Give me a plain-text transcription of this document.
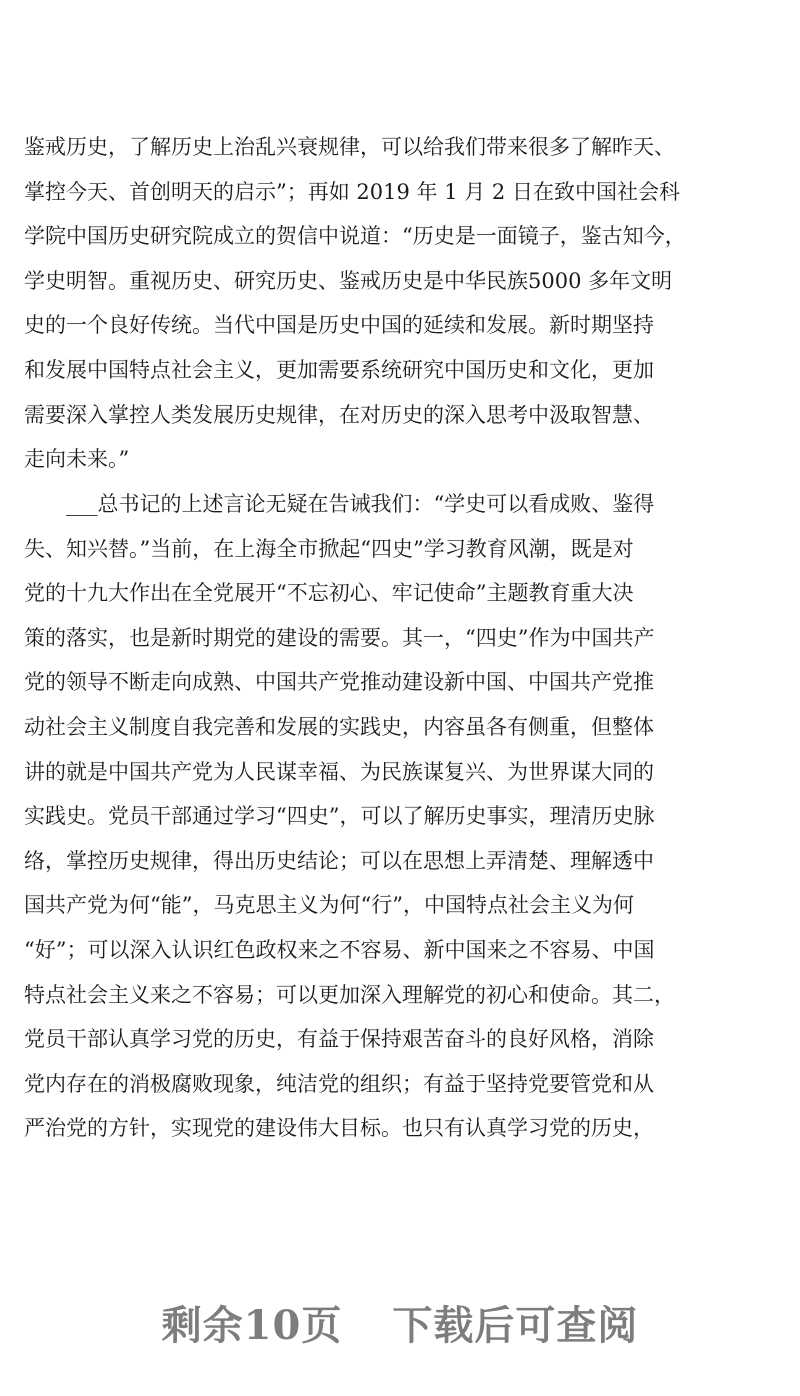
鉴戒历史，了解历史上治乱兴衰规律，可以给我们带来很多了解昨天、
掌控今天、首创明天的启示”；再如 2019 年 1 月 2 日在致中国社会科
学院中国历史研究院成立的贺信中说道：“历史是一面镜子，鉴古知今，
学史明智。重视历史、研究历史、鉴戒历史是中华民族5000 多年文明
史的一个良好传统。当代中国是历史中国的延续和发展。新时期坚持
和发展中国特点社会主义，更加需要系统研究中国历史和文化，更加
需要深入掌控人类发展历史规律，在对历史的深入思考中汲取智慧、
走向未来。”
　　___总书记的上述言论无疑在告诫我们：“学史可以看成败、鉴得
失、知兴替。”当前，在上海全市掀起“四史”学习教育风潮，既是对
党的十九大作出在全党展开“不忘初心、牢记使命”主题教育重大决
策的落实，也是新时期党的建设的需要。其一，“四史”作为中国共产
党的领导不断走向成熟、中国共产党推动建设新中国、中国共产党推
动社会主义制度自我完善和发展的实践史，内容虽各有侧重，但整体
讲的就是中国共产党为人民谋幸福、为民族谋复兴、为世界谋大同的
实践史。党员干部通过学习“四史”，可以了解历史事实，理清历史脉
络，掌控历史规律，得出历史结论；可以在思想上弄清楚、理解透中
国共产党为何“能”，马克思主义为何“行”，中国特点社会主义为何
“好”；可以深入认识红色政权来之不容易、新中国来之不容易、中国
特点社会主义来之不容易；可以更加深入理解党的初心和使命。其二，
党员干部认真学习党的历史，有益于保持艰苦奋斗的良好风格，消除
党内存在的消极腐败现象，纯洁党的组织；有益于坚持党要管党和从
严治党的方针，实现党的建设伟大目标。也只有认真学习党的历史，
剩余10页 下载后可查阅
